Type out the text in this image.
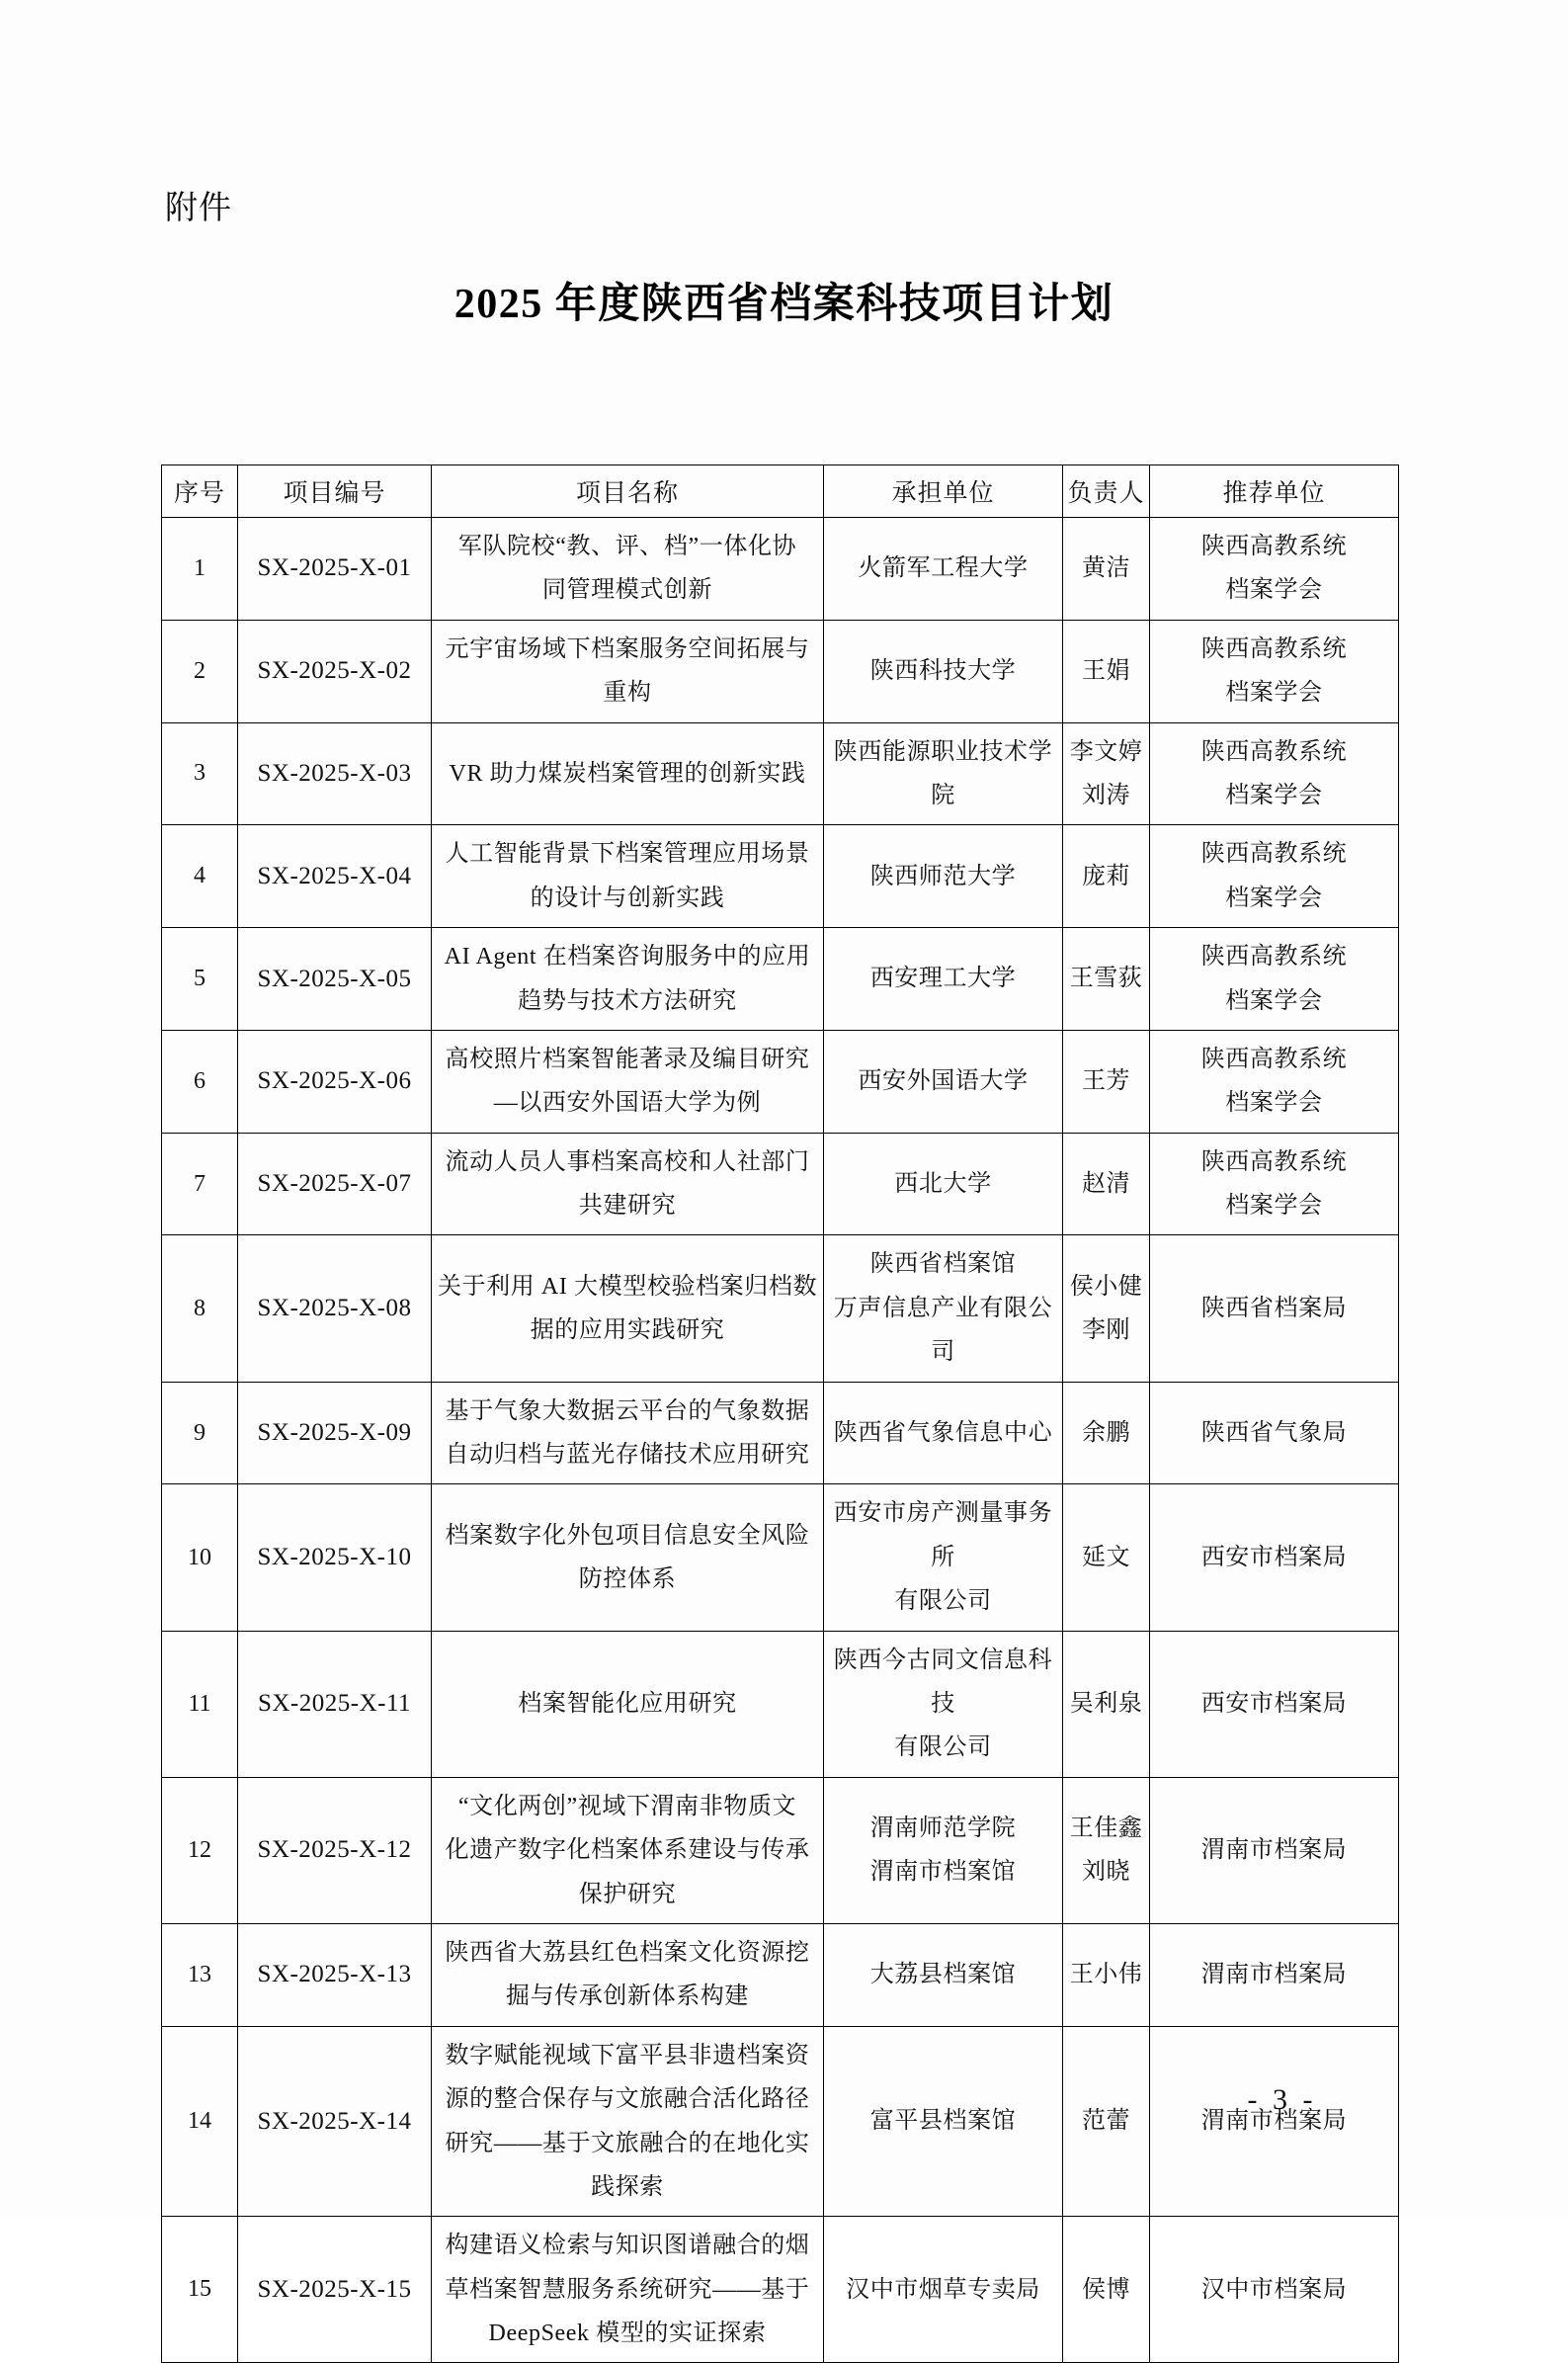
附件
2025 年度陕西省档案科技项目计划
序号	项目编号	项目名称	承担单位	负责人	推荐单位
1	SX-2025-X-01	军队院校“教、评、档”一体化协
同管理模式创新	火箭军工程大学	黄洁	陕西高教系统
档案学会

2	SX-2025-X-02	元宇宙场域下档案服务空间拓展与
重构	陕西科技大学	王娟	陕西高教系统
档案学会

3	SX-2025-X-03	VR 助力煤炭档案管理的创新实践	陕西能源职业技术学院	李文婷
刘涛	陕西高教系统
档案学会

4	SX-2025-X-04	人工智能背景下档案管理应用场景
的设计与创新实践	陕西师范大学	庞莉	陕西高教系统
档案学会

5	SX-2025-X-05	AI Agent 在档案咨询服务中的应用
趋势与技术方法研究	西安理工大学	王雪荻	陕西高教系统
档案学会

6	SX-2025-X-06	高校照片档案智能著录及编目研究
—以西安外国语大学为例	西安外国语大学	王芳	陕西高教系统
档案学会

7	SX-2025-X-07	流动人员人事档案高校和人社部门
共建研究	西北大学	赵清	陕西高教系统
档案学会

8	SX-2025-X-08	关于利用 AI 大模型校验档案归档数
据的应用实践研究	陕西省档案馆
万声信息产业有限公司	侯小健
李刚	陕西省档案局

9	SX-2025-X-09	基于气象大数据云平台的气象数据
自动归档与蓝光存储技术应用研究	陕西省气象信息中心	余鹏	陕西省气象局

10	SX-2025-X-10	档案数字化外包项目信息安全风险
防控体系	西安市房产测量事务所
有限公司	延文	西安市档案局

11	SX-2025-X-11	档案智能化应用研究	陕西今古同文信息科技
有限公司	吴利泉	西安市档案局

12	SX-2025-X-12	“文化两创”视域下渭南非物质文
化遗产数字化档案体系建设与传承
保护研究	渭南师范学院
渭南市档案馆	王佳鑫
刘晓	渭南市档案局

13	SX-2025-X-13	陕西省大荔县红色档案文化资源挖
掘与传承创新体系构建	大荔县档案馆	王小伟	渭南市档案局

14	SX-2025-X-14	数字赋能视域下富平县非遗档案资
源的整合保存与文旅融合活化路径
研究——基于文旅融合的在地化实
践探索	富平县档案馆	范蕾	渭南市档案局

15	SX-2025-X-15	构建语义检索与知识图谱融合的烟
草档案智慧服务系统研究——基于
DeepSeek 模型的实证探索	汉中市烟草专卖局	侯博	汉中市档案局
- 3 -
